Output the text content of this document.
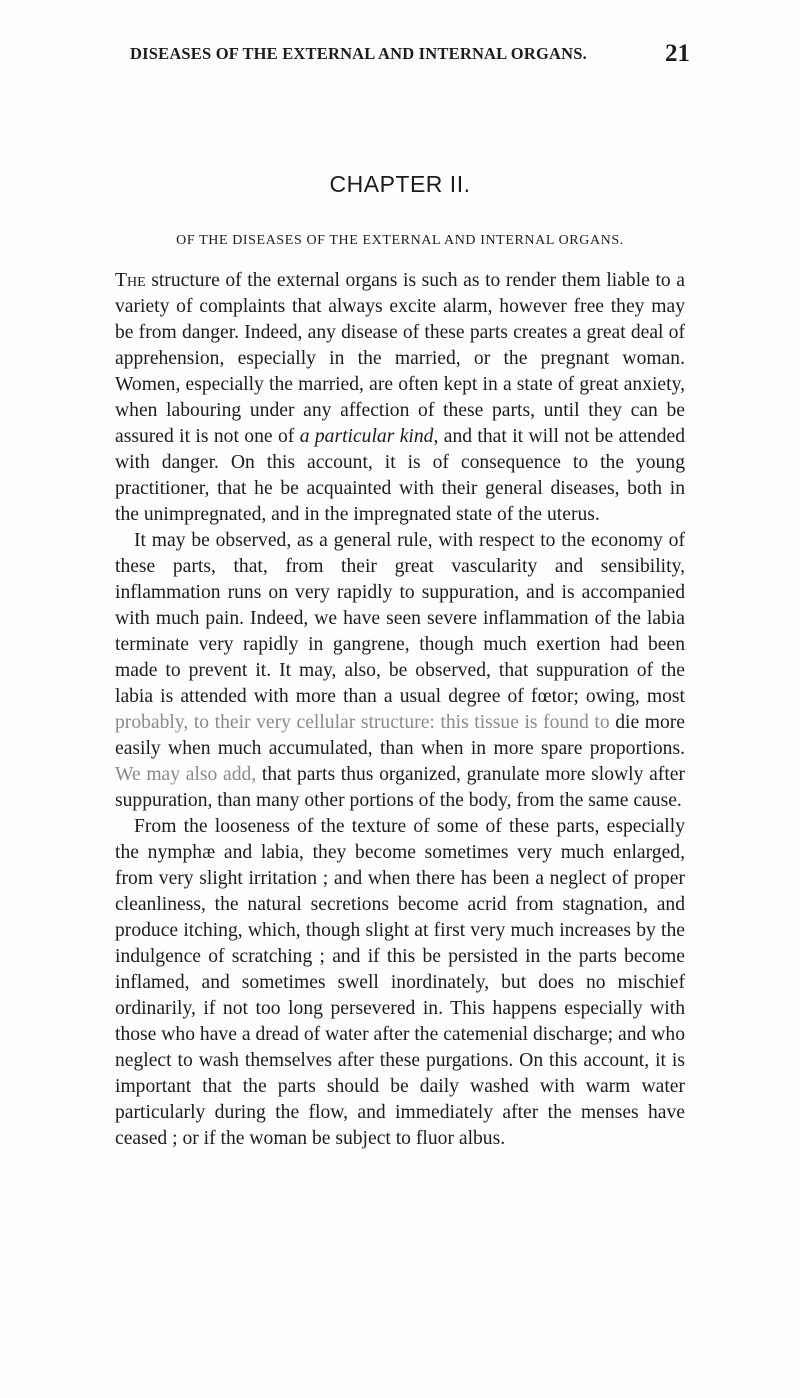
DISEASES OF THE EXTERNAL AND INTERNAL ORGANS.	21
CHAPTER II.
OF THE DISEASES OF THE EXTERNAL AND INTERNAL ORGANS.

The structure of the external organs is such as to render them liable to a variety of complaints that always excite alarm, however free they may be from danger. Indeed, any disease of these parts creates a great deal of apprehension, especially in the married, or the pregnant woman. Women, especially the married, are often kept in a state of great anxiety, when labouring under any affection of these parts, until they can be assured it is not one of a particular kind, and that it will not be attended with danger. On this account, it is of consequence to the young practitioner, that he be acquainted with their general diseases, both in the unimpregnated, and in the impregnated state of the uterus.

It may be observed, as a general rule, with respect to the economy of these parts, that, from their great vascularity and sensibility, inflammation runs on very rapidly to suppuration, and is accompanied with much pain. Indeed, we have seen severe inflammation of the labia terminate very rapidly in gangrene, though much exertion had been made to prevent it. It may, also, be observed, that suppuration of the labia is attended with more than a usual degree of fœtor; owing, most probably, to their very cellular structure: this tissue is found to die more easily when much accumulated, than when in more spare proportions. We may also add, that parts thus organized, granulate more slowly after suppuration, than many other portions of the body, from the same cause.

From the looseness of the texture of some of these parts, especially the nymphæ and labia, they become sometimes very much enlarged, from very slight irritation ; and when there has been a neglect of proper cleanliness, the natural secretions become acrid from stagnation, and produce itching, which, though slight at first very much increases by the indulgence of scratching ; and if this be persisted in the parts become inflamed, and sometimes swell inordinately, but does no mischief ordinarily, if not too long persevered in. This happens especially with those who have a dread of water after the catemenial discharge; and who neglect to wash themselves after these purgations. On this account, it is important that the parts should be daily washed with warm water particularly during the flow, and immediately after the menses have ceased ; or if the woman be subject to fluor albus.
